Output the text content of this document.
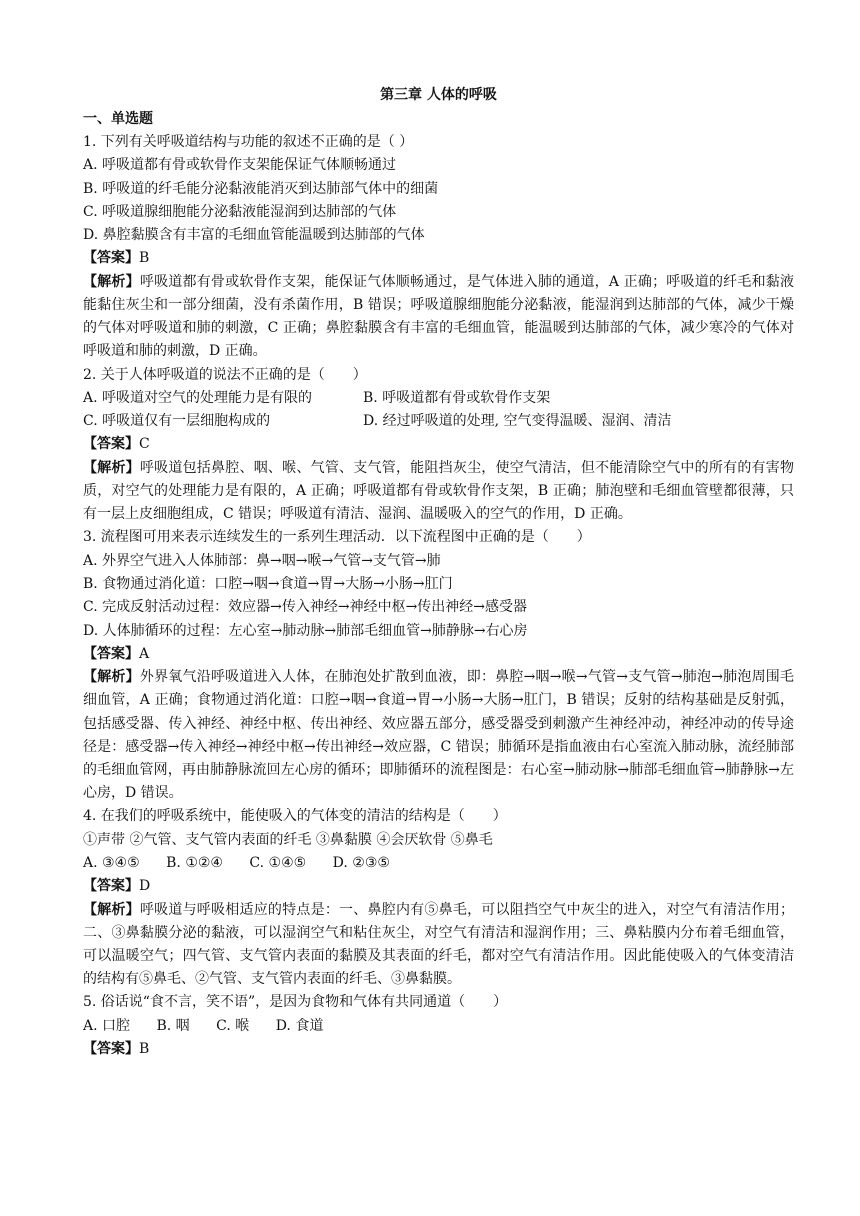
第三章 人体的呼吸
一、单选题
1. 下列有关呼吸道结构与功能的叙述不正确的是（ ）
A. 呼吸道都有骨或软骨作支架能保证气体顺畅通过
B. 呼吸道的纤毛能分泌黏液能消灭到达肺部气体中的细菌
C. 呼吸道腺细胞能分泌黏液能湿润到达肺部的气体
D. 鼻腔黏膜含有丰富的毛细血管能温暖到达肺部的气体
【答案】B
【解析】呼吸道都有骨或软骨作支架，能保证气体顺畅通过，是气体进入肺的通道，A 正确；呼吸道的纤毛和黏液能黏住灰尘和一部分细菌，没有杀菌作用，B 错误；呼吸道腺细胞能分泌黏液，能湿润到达肺部的气体，减少干燥的气体对呼吸道和肺的刺激，C 正确；鼻腔黏膜含有丰富的毛细血管，能温暖到达肺部的气体，减少寒冷的气体对呼吸道和肺的刺激，D 正确。
2. 关于人体呼吸道的说法不正确的是（　　）
A. 呼吸道对空气的处理能力是有限的	B. 呼吸道都有骨或软骨作支架
C. 呼吸道仅有一层细胞构成的	D. 经过呼吸道的处理, 空气变得温暖、湿润、清洁
【答案】C
【解析】呼吸道包括鼻腔、咽、喉、气管、支气管，能阻挡灰尘，使空气清洁，但不能清除空气中的所有的有害物质，对空气的处理能力是有限的，A 正确；呼吸道都有骨或软骨作支架，B 正确；肺泡壁和毛细血管壁都很薄，只有一层上皮细胞组成，C 错误；呼吸道有清洁、湿润、温暖吸入的空气的作用，D 正确。
3. 流程图可用来表示连续发生的一系列生理活动．以下流程图中正确的是（　　）
A. 外界空气进入人体肺部：鼻→咽→喉→气管→支气管→肺
B. 食物通过消化道：口腔→咽→食道→胃→大肠→小肠→肛门
C. 完成反射活动过程：效应器→传入神经→神经中枢→传出神经→感受器
D. 人体肺循环的过程：左心室→肺动脉→肺部毛细血管→肺静脉→右心房
【答案】A
【解析】外界氧气沿呼吸道进入人体，在肺泡处扩散到血液，即：鼻腔→咽→喉→气管→支气管→肺泡→肺泡周围毛细血管，A 正确；食物通过消化道：口腔→咽→食道→胃→小肠→大肠→肛门，B 错误；反射的结构基础是反射弧，包括感受器、传入神经、神经中枢、传出神经、效应器五部分，感受器受到刺激产生神经冲动，神经冲动的传导途径是：感受器→传入神经→神经中枢→传出神经→效应器，C 错误；肺循环是指血液由右心室流入肺动脉，流经肺部的毛细血管网，再由肺静脉流回左心房的循环；即肺循环的流程图是：右心室→肺动脉→肺部毛细血管→肺静脉→左心房，D 错误。
4. 在我们的呼吸系统中，能使吸入的气体变的清洁的结构是（　　）
①声带 ②气管、支气管内表面的纤毛 ③鼻黏膜 ④会厌软骨 ⑤鼻毛
A. ③④⑤ B. ①②④ C. ①④⑤ D. ②③⑤
【答案】D
【解析】呼吸道与呼吸相适应的特点是：一、鼻腔内有⑤鼻毛，可以阻挡空气中灰尘的进入，对空气有清洁作用；二、③鼻黏膜分泌的黏液，可以湿润空气和粘住灰尘，对空气有清洁和湿润作用；三、鼻粘膜内分布着毛细血管，可以温暖空气；四气管、支气管内表面的黏膜及其表面的纤毛，都对空气有清洁作用。因此能使吸入的气体变清洁的结构有⑤鼻毛、②气管、支气管内表面的纤毛、③鼻黏膜。
5. 俗话说“食不言，笑不语”，是因为食物和气体有共同通道（　　）
A. 口腔 B. 咽 C. 喉 D. 食道
【答案】B
